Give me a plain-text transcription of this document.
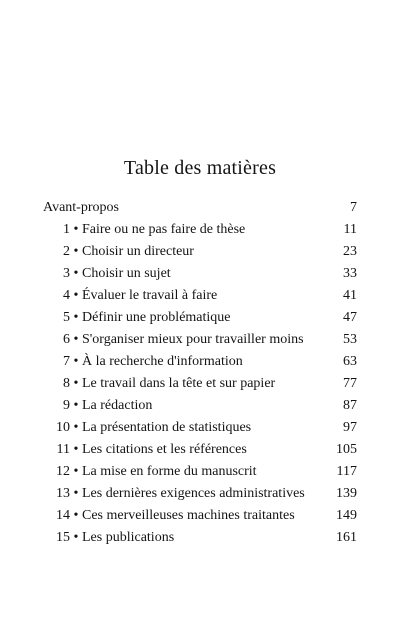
Table des matières
Avant-propos	7
1 • Faire ou ne pas faire de thèse	11
2 • Choisir un directeur	23
3 • Choisir un sujet	33
4 • Évaluer le travail à faire	41
5 • Définir une problématique	47
6 • S'organiser mieux pour travailler moins	53
7 • À la recherche d'information	63
8 • Le travail dans la tête et sur papier	77
9 • La rédaction	87
10 • La présentation de statistiques	97
11 • Les citations et les références	105
12 • La mise en forme du manuscrit	117
13 • Les dernières exigences administratives 139
14 • Ces merveilleuses machines traitantes	149
15 • Les publications	161
